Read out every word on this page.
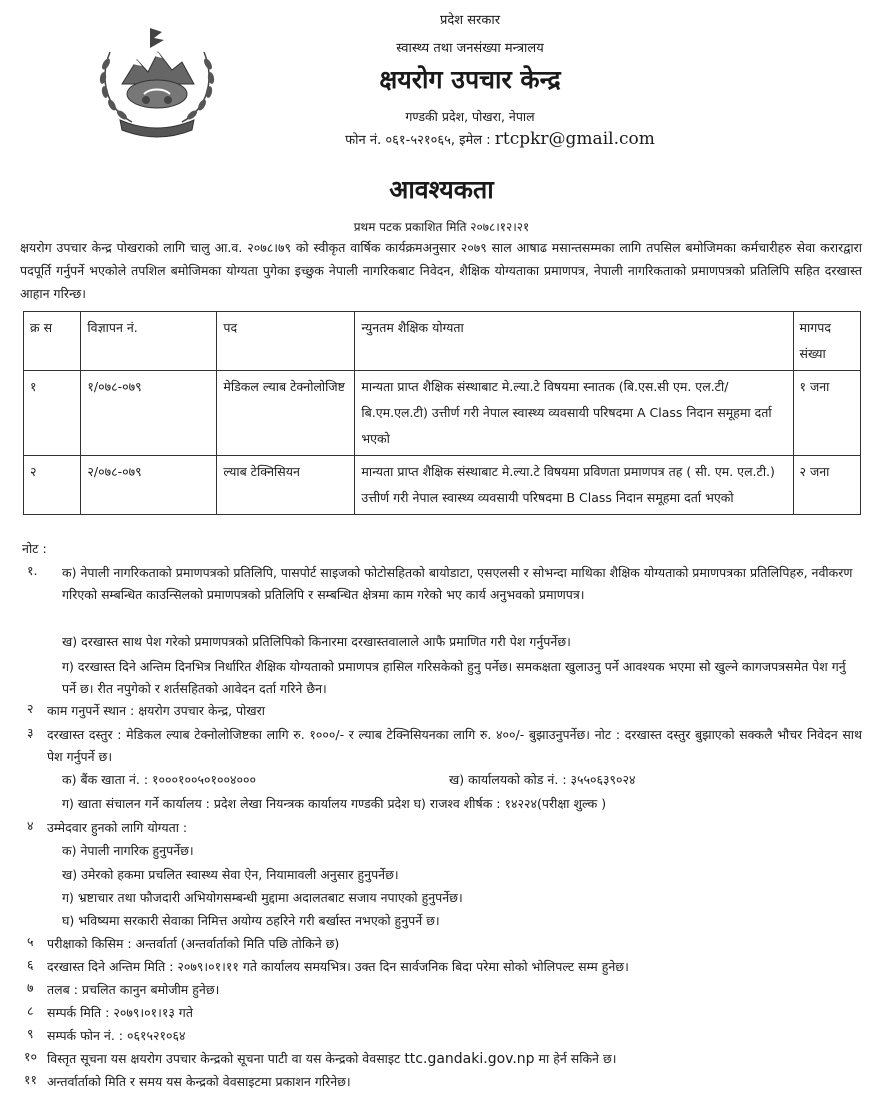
प्रदेश सरकार
स्वास्थ्य तथा जनसंख्या मन्त्रालय
क्षयरोग उपचार केन्द्र
गण्डकी प्रदेश, पोखरा, नेपाल
फोन नं. ०६१-५२१०६५, इमेल : rtcpkr@gmail.com
आवश्यकता
प्रथम पटक प्रकाशित मिति २०७८।१२।२१
क्षयरोग उपचार केन्द्र पोखराको लागि चालु आ.व. २०७८।७९ को स्वीकृत वार्षिक कार्यक्रमअनुसार २०७९ साल आषाढ मसान्तसम्मका लागि तपसिल बमोजिमका कर्मचारीहरु सेवा करारद्वारा पदपूर्ति गर्नुपर्ने भएकोले तपशिल बमोजिमका योग्यता पुगेका इच्छुक नेपाली नागरिकबाट निवेदन, शैक्षिक योग्यताका प्रमाणपत्र, नेपाली नागरिकताको प्रमाणपत्रको प्रतिलिपि सहित दरखास्त आहान गरिन्छ।
क्र स	विज्ञापन नं.	पद	न्युनतम शैक्षिक योग्यता	मागपद संख्या
१	१/०७८-०७९	मेडिकल ल्याब टेक्नोलोजिष्ट	मान्यता प्राप्त शैक्षिक संस्थाबाट मे.ल्या.टे विषयमा स्नातक (बि.एस.सी एम. एल.टी/बि.एम.एल.टी) उत्तीर्ण गरी नेपाल स्वास्थ्य व्यवसायी परिषदमा A Class निदान समूहमा दर्ता भएको	१ जना
२	२/०७८-०७९	ल्याब टेक्निसियन	मान्यता प्राप्त शैक्षिक संस्थाबाट मे.ल्या.टे विषयमा प्रविणता प्रमाणपत्र तह ( सी. एम. एल.टी.) उत्तीर्ण गरी नेपाल स्वास्थ्य व्यवसायी परिषदमा B Class निदान समूहमा दर्ता भएको	२ जना
नोट :
१. क) नेपाली नागरिकताको प्रमाणपत्रको प्रतिलिपि, पासपोर्ट साइजको फोटोसहितको बायोडाटा, एसएलसी र सोभन्दा माथिका शैक्षिक योग्यताको प्रमाणपत्रका प्रतिलिपिहरु, नवीकरण गरिएको सम्बन्धित काउन्सिलको प्रमाणपत्रको प्रतिलिपि र सम्बन्धित क्षेत्रमा काम गरेको भए कार्य अनुभवको प्रमाणपत्र।
ख) दरखास्त साथ पेश गरेको प्रमाणपत्रको प्रतिलिपिको किनारमा दरखास्तवालाले आफै प्रमाणित गरी पेश गर्नुपर्नेछ।
ग) दरखास्त दिने अन्तिम दिनभित्र निर्धारित शैक्षिक योग्यताको प्रमाणपत्र हासिल गरिसकेको हुनु पर्नेछ। समकक्षता खुलाउनु पर्ने आवश्यक भएमा सो खुल्ने कागजपत्रसमेत पेश गर्नु पर्ने छ। रीत नपुगेको र शर्तसहितको आवेदन दर्ता गरिने छैन।
२ काम गनुपर्ने स्थान : क्षयरोग उपचार केन्द्र, पोखरा
३ दरखास्त दस्तुर : मेडिकल ल्याब टेक्नोलोजिष्टका लागि रु. १०००/- र ल्याब टेक्निसियनका लागि रु. ४००/- बुझाउनुपर्नेछ। नोट : दरखास्त दस्तुर बुझाएको सक्कलै भौचर निवेदन साथ पेश गर्नुपर्ने छ।
क) बैंक खाता नं. : १०००१००५०१००४०००	ख) कार्यालयको कोड नं. : ३५५०६३९०२४
ग) खाता संचालन गर्ने कार्यालय : प्रदेश लेखा नियन्त्रक कार्यालय गण्डकी प्रदेश घ) राजश्व शीर्षक : १४२२४(परीक्षा शुल्क )
४ उम्मेदवार हुनको लागि योग्यता :
क) नेपाली नागरिक हुनुपर्नेछ।
ख) उमेरको हकमा प्रचलित स्वास्थ्य सेवा ऐन, नियामावली अनुसार हुनुपर्नेछ।
ग) भ्रष्टाचार तथा फौजदारी अभियोगसम्बन्धी मुद्दामा अदालतबाट सजाय नपाएको हुनुपर्नेछ।
घ) भविष्यमा सरकारी सेवाका निमित्त अयोग्य ठहरिने गरी बर्खास्त नभएको हुनुपर्ने छ।
५ परीक्षाको किसिम : अन्तर्वार्ता (अन्तर्वार्ताको मिति पछि तोकिने छ)
६ दरखास्त दिने अन्तिम मिति : २०७९।०१।११ गते कार्यालय समयभित्र। उक्त दिन सार्वजनिक बिदा परेमा सोको भोलिपल्ट सम्म हुनेछ।
७ तलब : प्रचलित कानुन बमोजीम हुनेछ।
८ सम्पर्क मिति : २०७९।०१।१३ गते
९ सम्पर्क फोन नं. : ०६१५२१०६४
१० विस्तृत सूचना यस क्षयरोग उपचार केन्द्रको सूचना पाटी वा यस केन्द्रको वेवसाइट ttc.gandaki.gov.np मा हेर्न सकिने छ।
११ अन्तर्वार्ताको मिति र समय यस केन्द्रको वेवसाइटमा प्रकाशन गरिनेछ।
